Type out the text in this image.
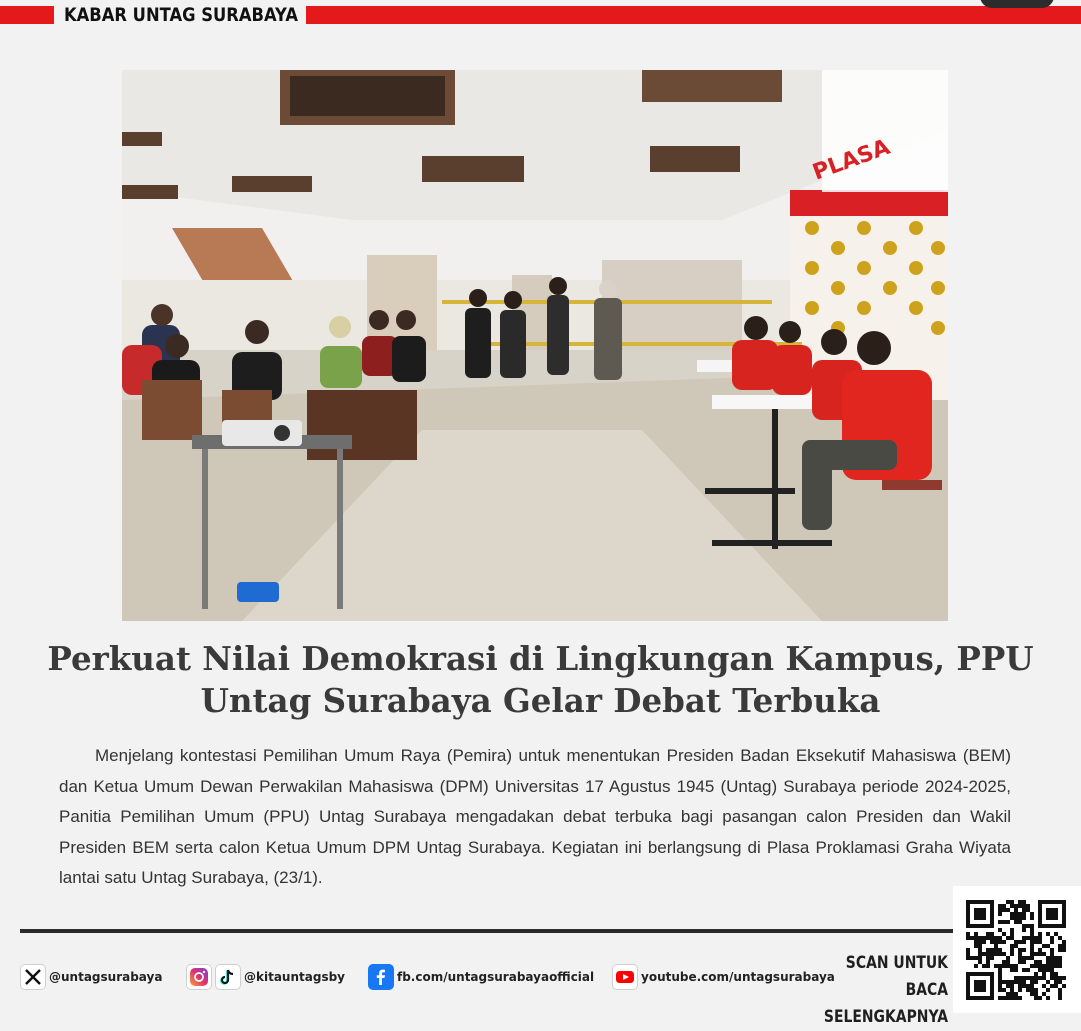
KABAR UNTAG SURABAYA
PLASA
Perkuat Nilai Demokrasi di Lingkungan Kampus, PPU
Untag Surabaya Gelar Debat Terbuka

Menjelang kontestasi Pemilihan Umum Raya (Pemira) untuk menentukan Presiden Badan Eksekutif Mahasiswa (BEM) dan Ketua Umum Dewan Perwakilan Mahasiswa (DPM) Universitas 17 Agustus 1945 (Untag) Surabaya periode 2024-2025, Panitia Pemilihan Umum (PPU) Untag Surabaya mengadakan debat terbuka bagi pasangan calon Presiden dan Wakil Presiden BEM serta calon Ketua Umum DPM Untag Surabaya. Kegiatan ini berlangsung di Plasa Proklamasi Graha Wiyata lantai satu Untag Surabaya, (23/1).

@untagsurabaya	@kitauntagsby	fb.com/untagsurabayaofficial	youtube.com/untagsurabaya
SCAN UNTUK BACA
SELENGKAPNYA
